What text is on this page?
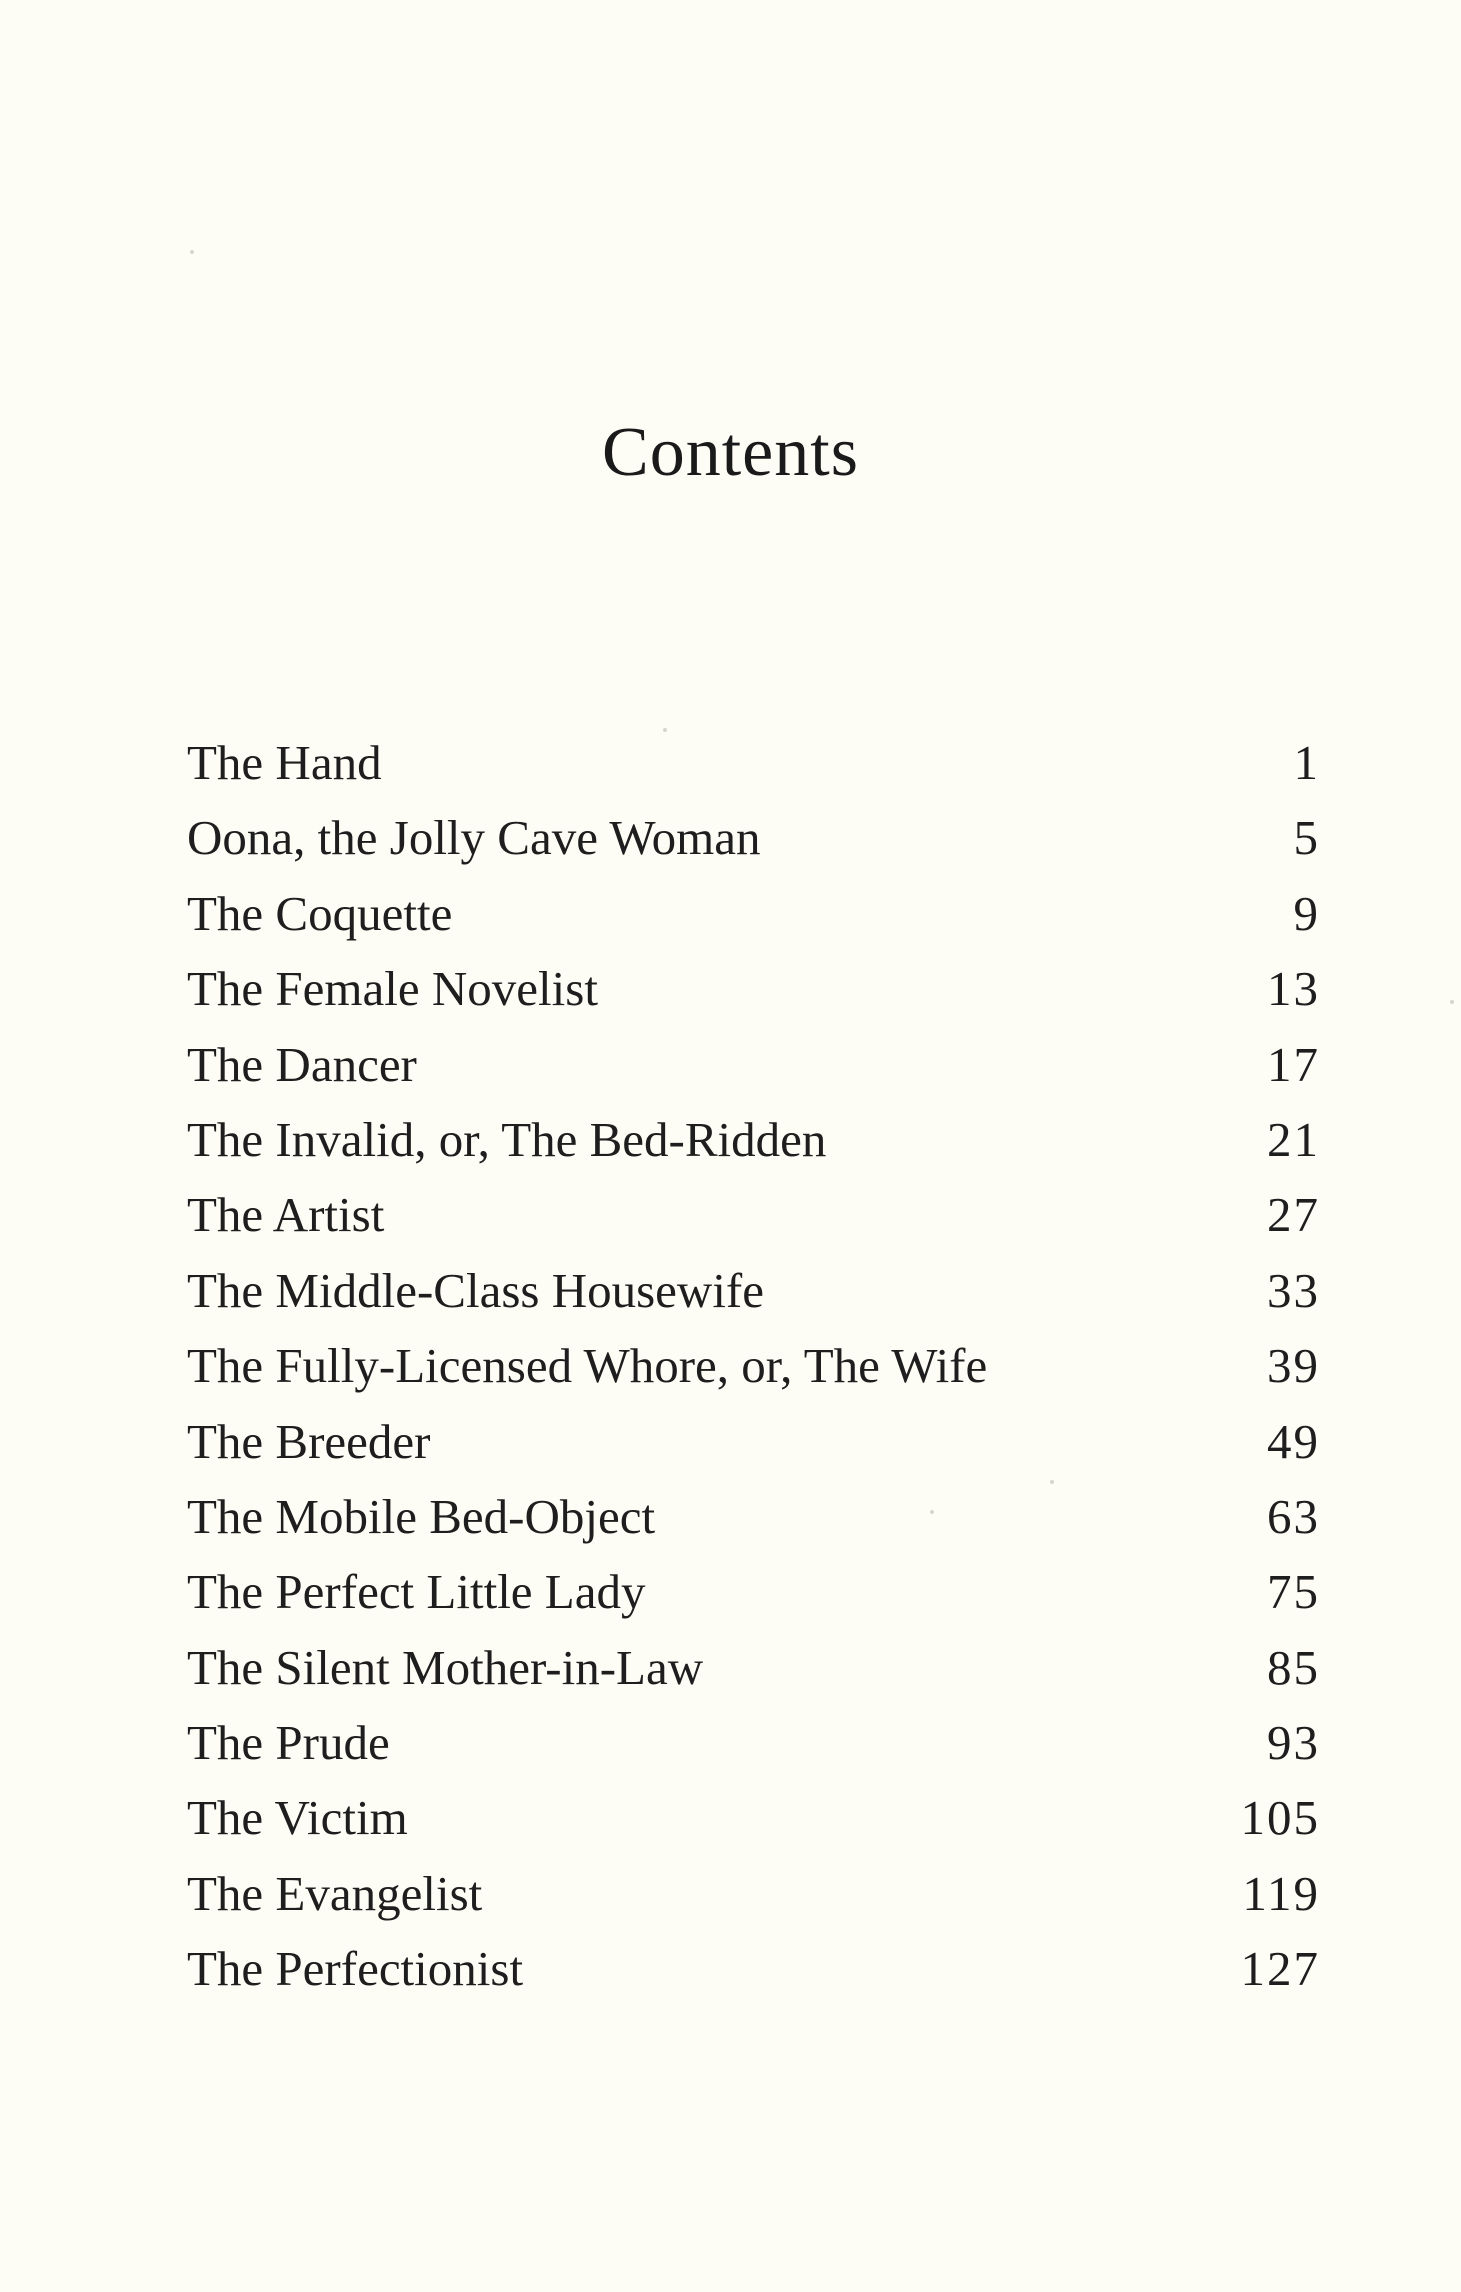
Contents
The Hand	1
Oona, the Jolly Cave Woman	5
The Coquette	9
The Female Novelist	13
The Dancer	17
The Invalid, or, The Bed-Ridden	21
The Artist	27
The Middle-Class Housewife	33
The Fully-Licensed Whore, or, The Wife	39
The Breeder	49
The Mobile Bed-Object	63
The Perfect Little Lady	75
The Silent Mother-in-Law	85
The Prude	93
The Victim	105
The Evangelist	119
The Perfectionist	127
